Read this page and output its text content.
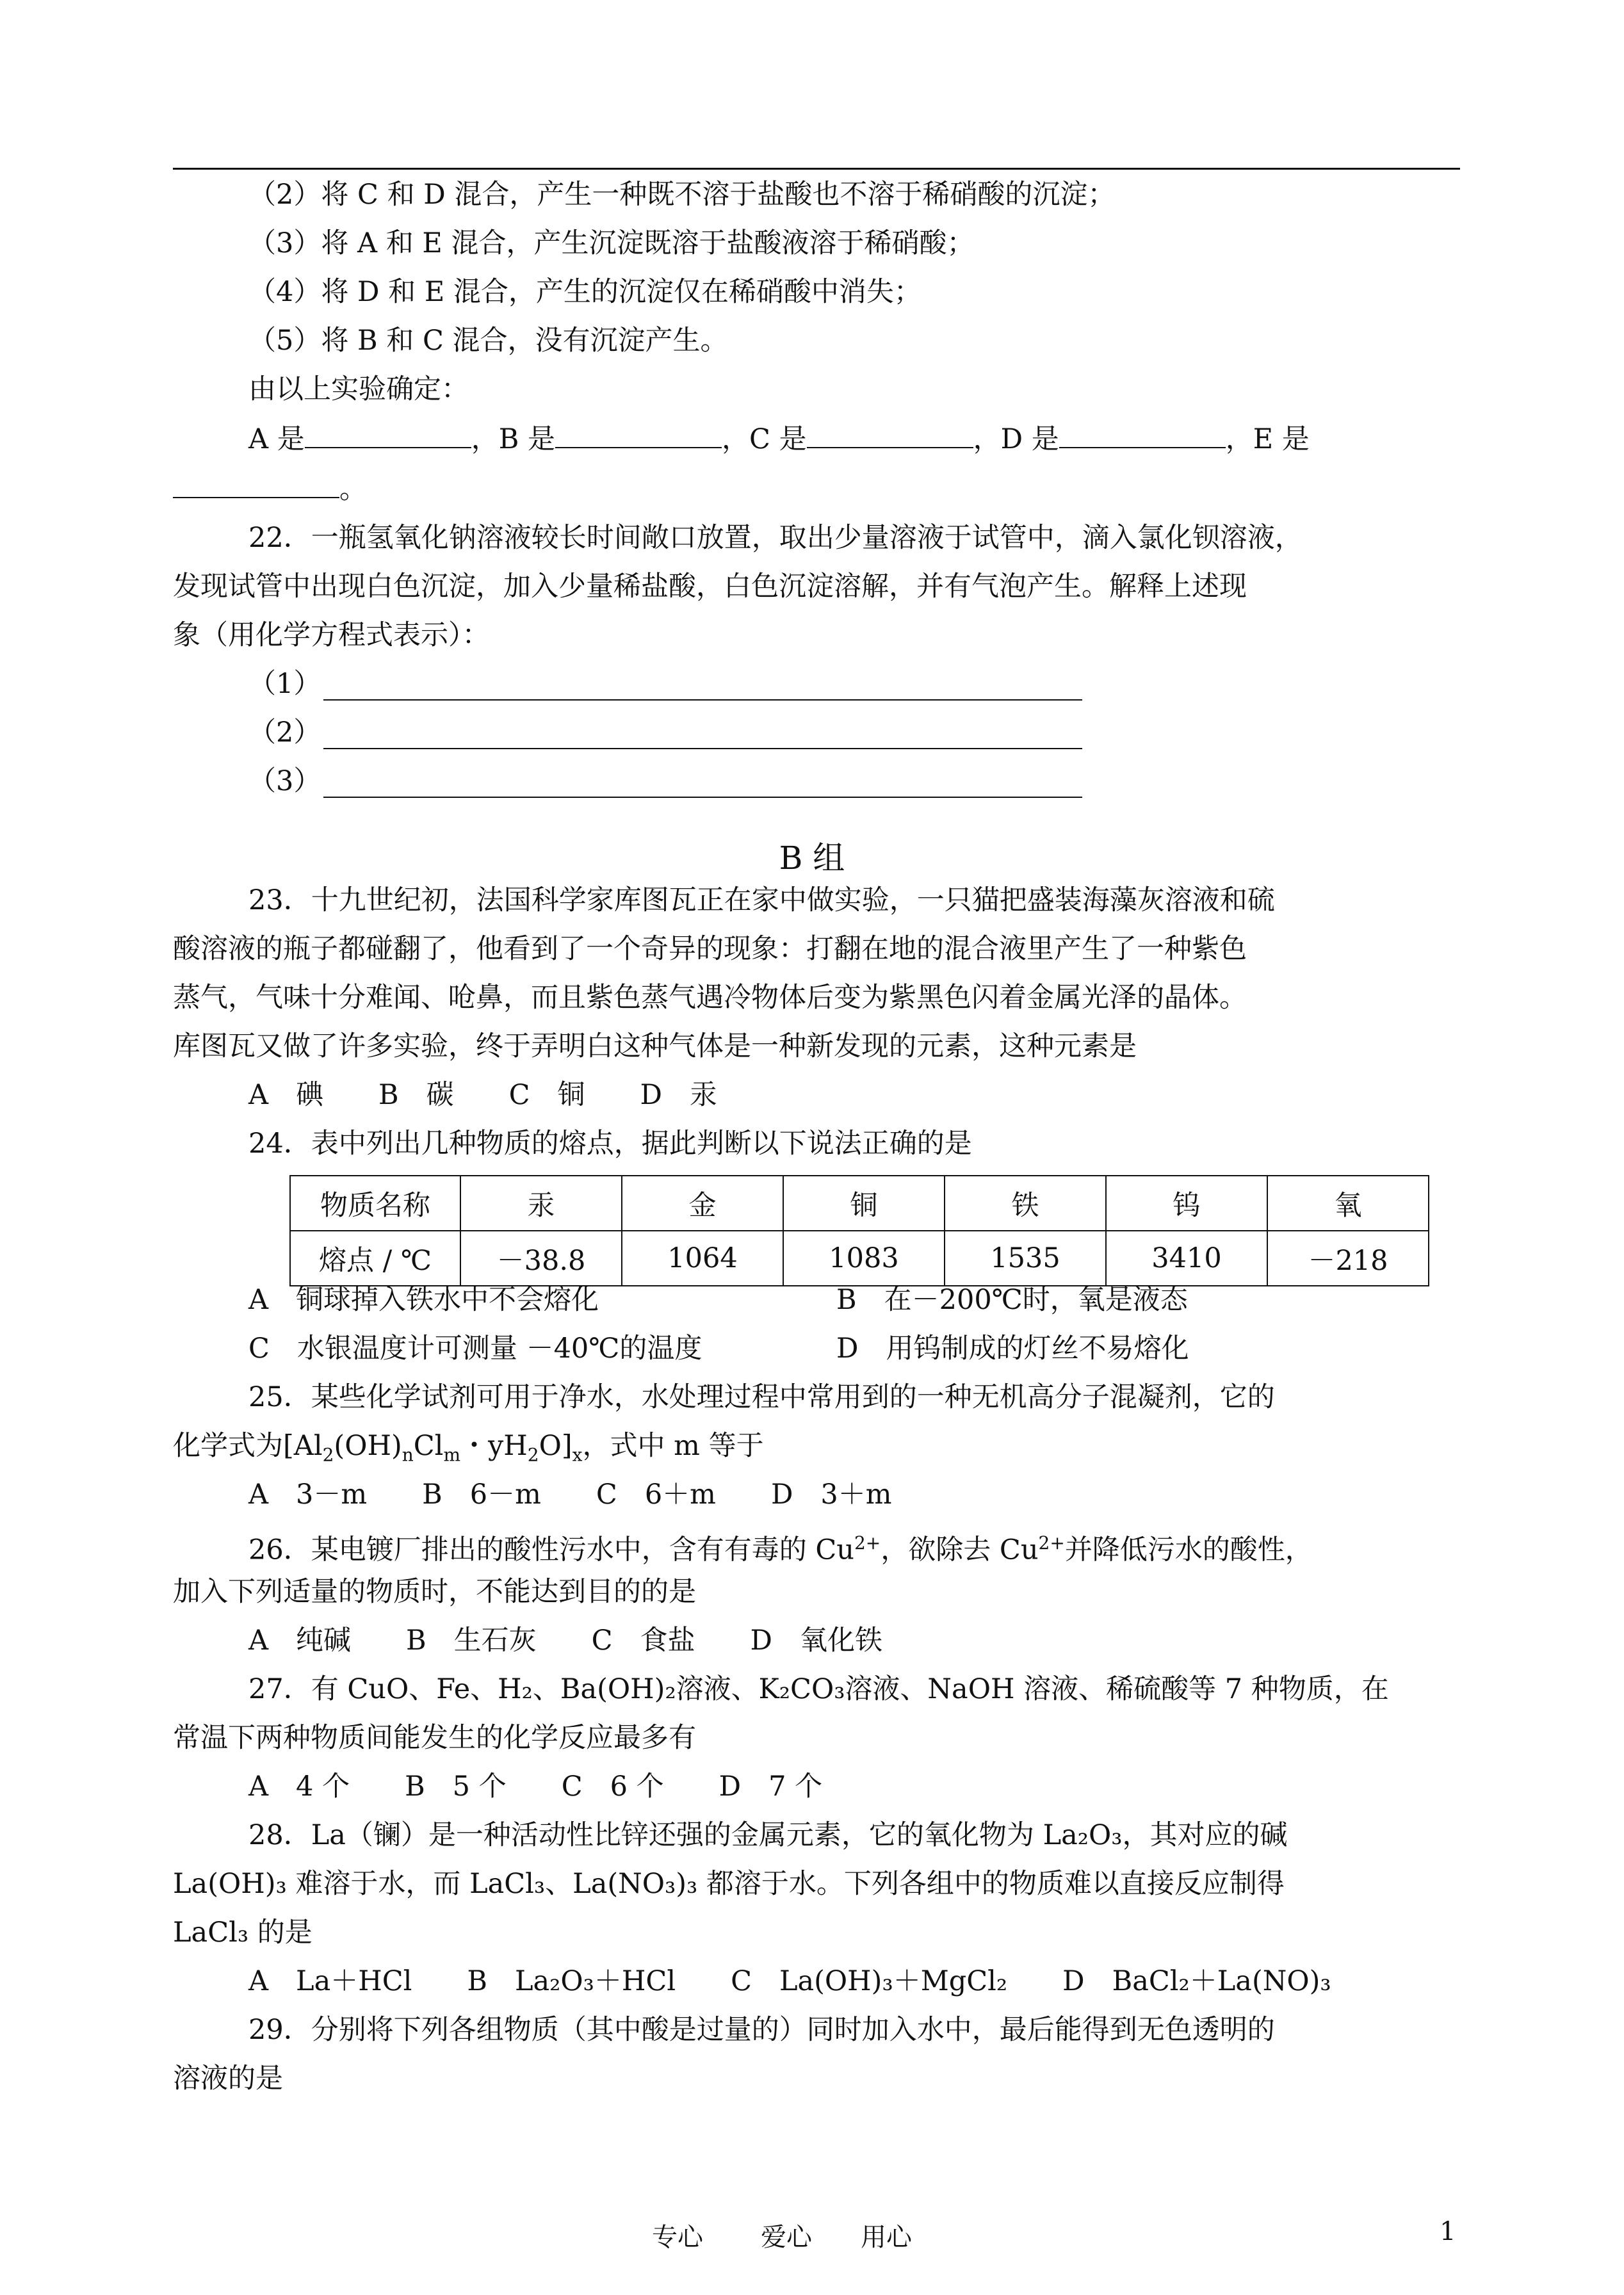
（2）将 C 和 D 混合，产生一种既不溶于盐酸也不溶于稀硝酸的沉淀；
（3）将 A 和 E 混合，产生沉淀既溶于盐酸液溶于稀硝酸；
（4）将 D 和 E 混合，产生的沉淀仅在稀硝酸中消失；
（5）将 B 和 C 混合，没有沉淀产生。
由以上实验确定：
A 是	，B 是	，C 是	，D 是	，E 是
。
22．一瓶氢氧化钠溶液较长时间敞口放置，取出少量溶液于试管中，滴入氯化钡溶液，
发现试管中出现白色沉淀，加入少量稀盐酸，白色沉淀溶解，并有气泡产生。解释上述现
象（用化学方程式表示）：
（1）
（2）
（3）
B 组
23．十九世纪初，法国科学家库图瓦正在家中做实验，一只猫把盛装海藻灰溶液和硫
酸溶液的瓶子都碰翻了，他看到了一个奇异的现象：打翻在地的混合液里产生了一种紫色
蒸气，气味十分难闻、呛鼻，而且紫色蒸气遇冷物体后变为紫黑色闪着金属光泽的晶体。
库图瓦又做了许多实验，终于弄明白这种气体是一种新发现的元素，这种元素是
A　碘　　B　碳　　C　铜　　D　汞
24．表中列出几种物质的熔点，据此判断以下说法正确的是
物质名称	汞	金	铜	铁	钨	氧
熔点 / ℃	－38.8	1064	1083	1535	3410	－218
A　铜球掉入铁水中不会熔化	B　在－200℃时，氧是液态
C　水银温度计可测量 －40℃的温度	D　用钨制成的灯丝不易熔化
25．某些化学试剂可用于净水，水处理过程中常用到的一种无机高分子混凝剂，它的
化学式为[$Al_2(OH)_nCl_m$・$yH_2O]_x$，式中 m 等于
A　3－m　　B　6－m　　C　6＋m　　D　3＋m
26．某电镀厂排出的酸性污水中，含有有毒的 $Cu^{2+}$，欲除去 $Cu^{2+}$并降低污水的酸性，
加入下列适量的物质时，不能达到目的的是
A　纯碱　　B　生石灰　　C　食盐　　D　氧化铁
27．有 CuO、Fe、H₂、Ba(OH)₂溶液、K₂CO₃溶液、NaOH 溶液、稀硫酸等 7 种物质，在
常温下两种物质间能发生的化学反应最多有
A　4 个　　B　5 个　　C　6 个　　D　7 个
28．La（镧）是一种活动性比锌还强的金属元素，它的氧化物为 La₂O₃，其对应的碱
La(OH)₃ 难溶于水，而 LaCl₃、La(NO₃)₃ 都溶于水。下列各组中的物质难以直接反应制得
LaCl₃ 的是
A　La＋HCl　　B　La₂O₃＋HCl　　C　La(OH)₃＋MgCl₂　　D　BaCl₂＋La(NO)₃
29．分别将下列各组物质（其中酸是过量的）同时加入水中，最后能得到无色透明的
溶液的是
专心 爱心 用心	1
